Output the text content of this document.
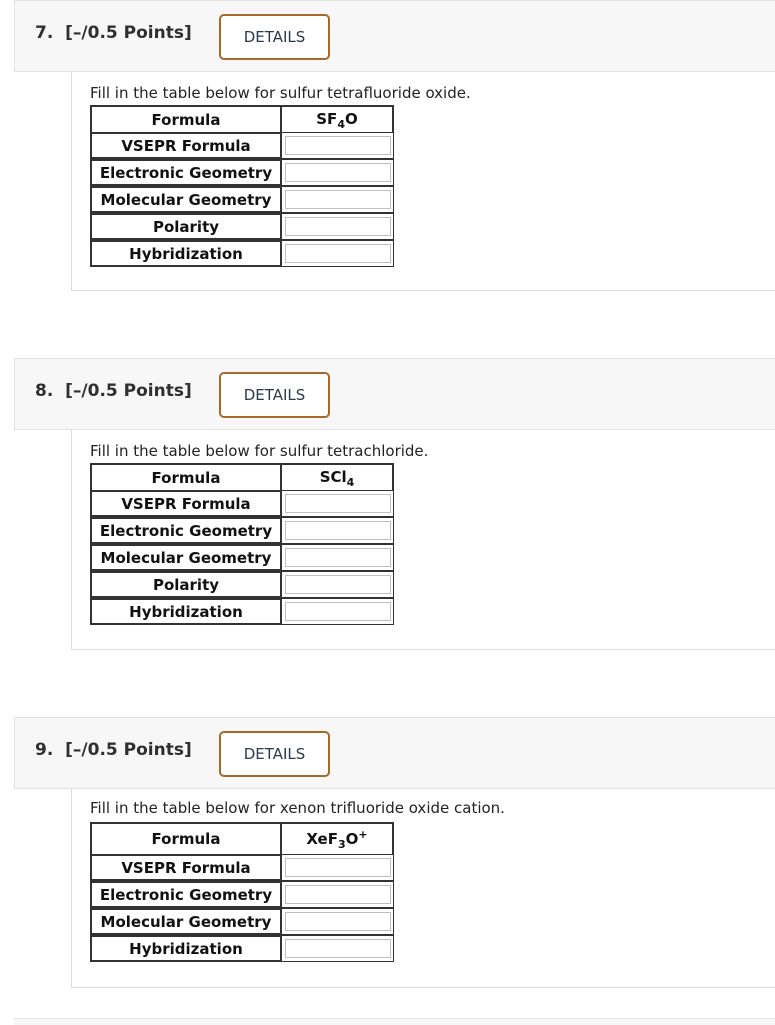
7. [–/0.5 Points]	DETAILS
Fill in the table below for sulfur tetrafluoride oxide.
Formula	$SF_4O$
VSEPR Formula	

Electronic Geometry	

Molecular Geometry	

Polarity	

Hybridization	
8. [–/0.5 Points]	DETAILS
Fill in the table below for sulfur tetrachloride.
Formula	SCl$_4$
VSEPR Formula	

Electronic Geometry	

Molecular Geometry	

Polarity	

Hybridization	
9. [–/0.5 Points]	DETAILS
Fill in the table below for xenon trifluoride oxide cation.
Formula	XeF$_3$O+
VSEPR Formula	

Electronic Geometry	

Molecular Geometry	

Hybridization	
